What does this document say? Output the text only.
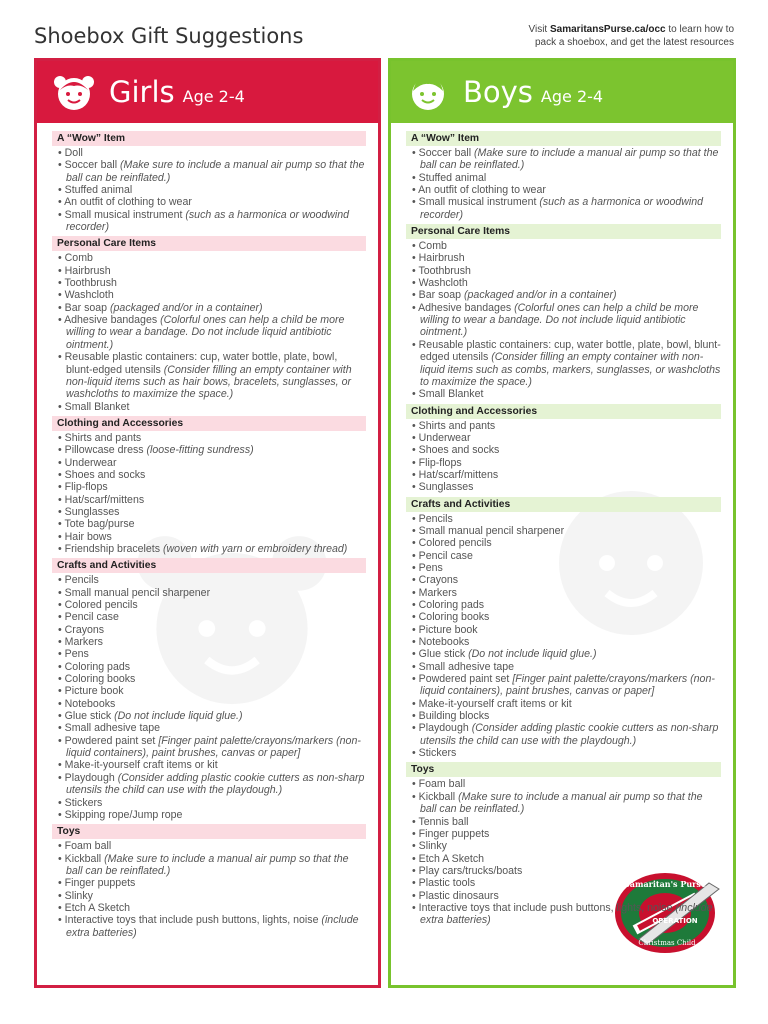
Shoebox Gift Suggestions	Visit SamaritansPurse.ca/occ to learn how to
pack a shoebox, and get the latest resources
Girls Age 2-4
A “Wow” Item
• Doll
• Soccer ball (Make sure to include a manual air pump so that the ball can be reinflated.)
• Stuffed animal
• An outfit of clothing to wear
• Small musical instrument (such as a harmonica or woodwind recorder)
Personal Care Items
• Comb
• Hairbrush
• Toothbrush
• Washcloth
• Bar soap (packaged and/or in a container)
• Adhesive bandages (Colorful ones can help a child be more willing to wear a bandage. Do not include liquid antibiotic ointment.)
• Reusable plastic containers: cup, water bottle, plate, bowl, blunt-edged utensils (Consider filling an empty container with non-liquid items such as hair bows, bracelets, sunglasses, or washcloths to maximize the space.)
• Small Blanket
Clothing and Accessories
• Shirts and pants
• Pillowcase dress (loose-fitting sundress)
• Underwear
• Shoes and socks
• Flip-flops
• Hat/scarf/mittens
• Sunglasses
• Tote bag/purse
• Hair bows
• Friendship bracelets (woven with yarn or embroidery thread)
Crafts and Activities
• Pencils
• Small manual pencil sharpener
• Colored pencils
• Pencil case
• Crayons
• Markers
• Pens
• Coloring pads
• Coloring books
• Picture book
• Notebooks
• Glue stick (Do not include liquid glue.)
• Small adhesive tape
• Powdered paint set [Finger paint palette/crayons/markers (non-liquid containers), paint brushes, canvas or paper]
• Make-it-yourself craft items or kit
• Playdough (Consider adding plastic cookie cutters as non-sharp utensils the child can use with the playdough.)
• Stickers
• Skipping rope/Jump rope
Toys
• Foam ball
• Kickball (Make sure to include a manual air pump so that the ball can be reinflated.)
• Finger puppets
• Slinky
• Etch A Sketch
• Interactive toys that include push buttons, lights, noise (include extra batteries)
Boys Age 2-4
A “Wow” Item
• Soccer ball (Make sure to include a manual air pump so that the ball can be reinflated.)
• Stuffed animal
• An outfit of clothing to wear
• Small musical instrument (such as a harmonica or woodwind recorder)
Personal Care Items
• Comb
• Hairbrush
• Toothbrush
• Washcloth
• Bar soap (packaged and/or in a container)
• Adhesive bandages (Colorful ones can help a child be more willing to wear a bandage. Do not include liquid antibiotic ointment.)
• Reusable plastic containers: cup, water bottle, plate, bowl, blunt-edged utensils (Consider filling an empty container with non-liquid items such as combs, markers, sunglasses, or washcloths to maximize the space.)
• Small Blanket
Clothing and Accessories
• Shirts and pants
• Underwear
• Shoes and socks
• Flip-flops
• Hat/scarf/mittens
• Sunglasses
Crafts and Activities
• Pencils
• Small manual pencil sharpener
• Colored pencils
• Pencil case
• Pens
• Crayons
• Markers
• Coloring pads
• Coloring books
• Picture book
• Notebooks
• Glue stick (Do not include liquid glue.)
• Small adhesive tape
• Powdered paint set [Finger paint palette/crayons/markers (non-liquid containers), paint brushes, canvas or paper]
• Make-it-yourself craft items or kit
• Building blocks
• Playdough (Consider adding plastic cookie cutters as non-sharp utensils the child can use with the playdough.)
• Stickers
Toys
• Foam ball
• Kickball (Make sure to include a manual air pump so that the ball can be reinflated.)
• Tennis ball
• Finger puppets
• Slinky
• Etch A Sketch
• Play cars/trucks/boats
• Plastic tools
• Plastic dinosaurs
• Interactive toys that include push buttons, lights, noise (include extra batteries)
Samaritan's Purse
OPERATION
Christmas Child
